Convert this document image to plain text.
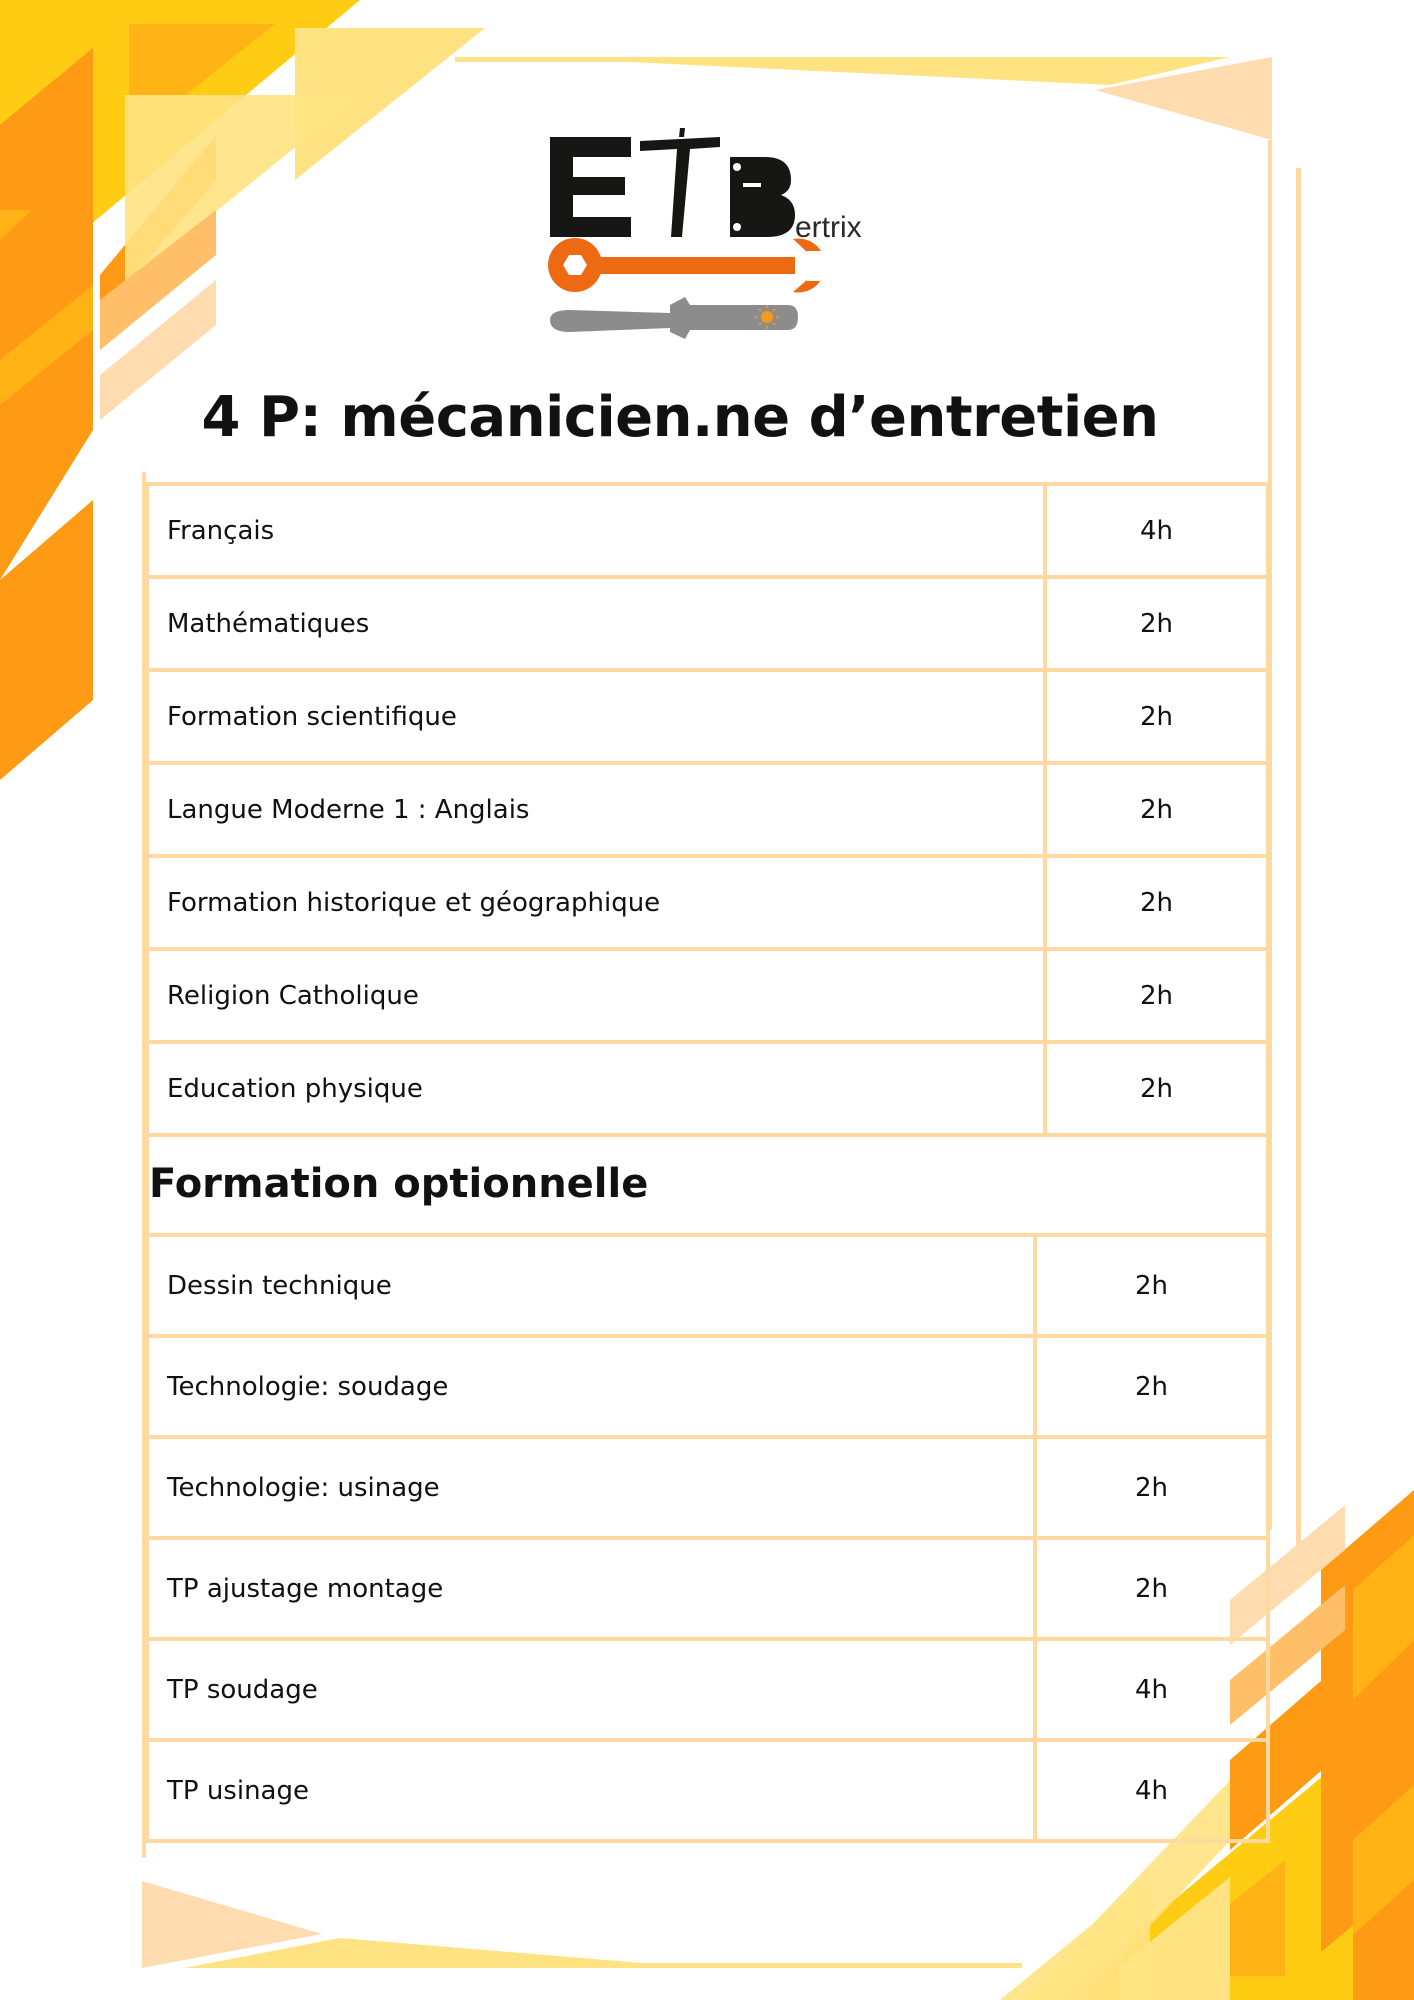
ertrix
4 P: mécanicien.ne d’entretien
Français	4h
Mathématiques	2h
Formation scientifique	2h
Langue Moderne 1 : Anglais	2h
Formation historique et géographique	2h
Religion Catholique	2h
Education physique	2h
Formation optionnelle
Dessin technique	2h
Technologie: soudage	2h
Technologie: usinage	2h
TP ajustage montage	2h
TP soudage	4h
TP usinage	4h
